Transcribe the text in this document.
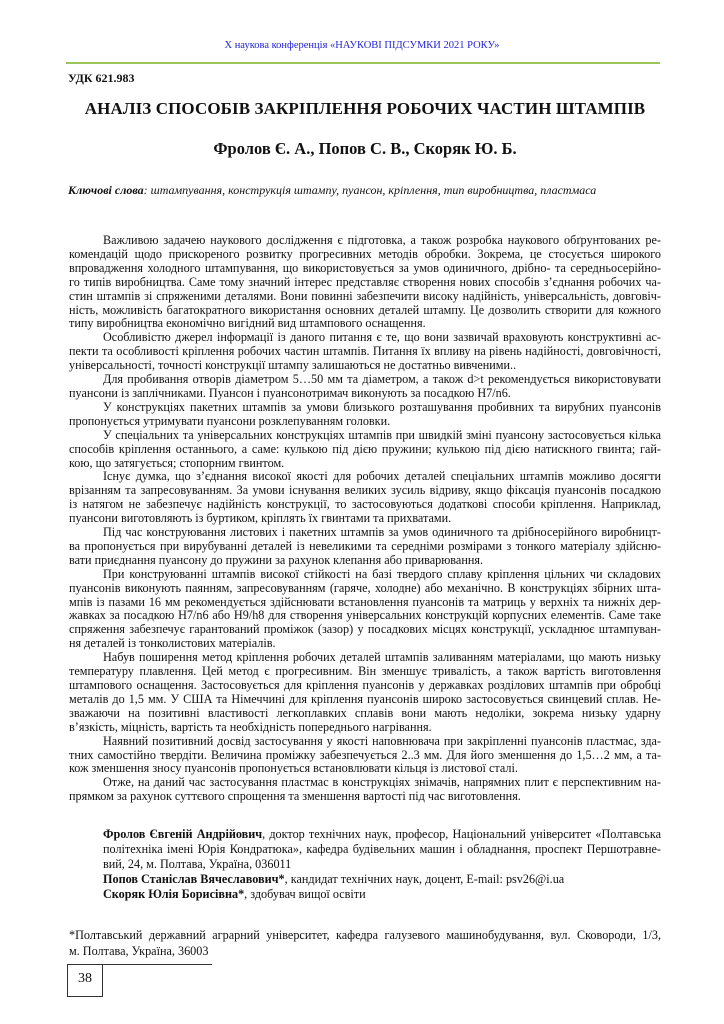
X наукова конференція «НАУКОВІ ПІДСУМКИ 2021 РОКУ»
УДК 621.983
АНАЛІЗ СПОСОБІВ ЗАКРІПЛЕННЯ РОБОЧИХ ЧАСТИН ШТАМПІВ
Фролов Є. А., Попов С. В., Скоряк Ю. Б.
Ключові слова: штампування, конструкція штампу, пуансон, кріплення, тип виробництва, пластмаса
Важливою задачею наукового дослідження є підготовка, а також розробка наукового обґрунтованих ре-
комендацій щодо прискореного розвитку прогресивних методів обробки. Зокрема, це стосується широкого
впровадження холодного штампування, що використовується за умов одиничного, дрібно- та середньосерійно-
го типів виробництва. Саме тому значний інтерес представляє створення нових способів з’єднання робочих ча-
стин штампів зі спряженими деталями. Вони повинні забезпечити високу надійність, універсальність, довговіч-
ність, можливість багатократного використання основних деталей штампу. Це дозволить створити для кожного
типу виробництва економічно вигідний вид штампового оснащення.
Особливістю джерел інформації із даного питання є те, що вони зазвичай враховують конструктивні ас-
пекти та особливості кріплення робочих частин штампів. Питання їх впливу на рівень надійності, довговічності,
універсальності, точності конструкції штампу залишаються не достатньо вивченими..
Для пробивання отворів діаметром 5…50 мм та діаметром, а також d>t рекомендується використовувати
пуансони із заплічниками. Пуансон і пуансонотримач виконують за посадкою H7/n6.
У конструкціях пакетних штампів за умови близького розташування пробивних та вирубних пуансонів
пропонується утримувати пуансони розклепуванням головки.
У спеціальних та універсальних конструкціях штампів при швидкій зміні пуансону застосовується кілька
способів кріплення останнього, а саме: кулькою під дією пружини; кулькою під дією натискного гвинта; гай-
кою, що затягується; стопорним гвинтом.
Існує думка, що з’єднання високої якості для робочих деталей спеціальних штампів можливо досягти
врізанням та запресовуванням. За умови існування великих зусиль відриву, якщо фіксація пуансонів посадкою
із натягом не забезпечує надійність конструкції, то застосовуються додаткові способи кріплення. Наприклад,
пуансони виготовляють із буртиком, кріплять їх гвинтами та прихватами.
Під час конструювання листових і пакетних штампів за умов одиничного та дрібносерійного виробницт-
ва пропонується при вирубуванні деталей із невеликими та середніми розмірами з тонкого матеріалу здійсню-
вати приєднання пуансону до пружини за рахунок клепання або приварювання.
При конструюванні штампів високої стійкості на базі твердого сплаву кріплення цільних чи складових
пуансонів виконують паянням, запресовуванням (гаряче, холодне) або механічно. В конструкціях збірних шта-
мпів із пазами 16 мм рекомендується здійснювати встановлення пуансонів та матриць у верхніх та нижніх дер-
жавках за посадкою H7/n6 або H9/h8 для створення універсальних конструкцій корпусних елементів. Саме таке
спряження забезпечує гарантований проміжок (зазор) у посадкових місцях конструкції, ускладнює штампуван-
ня деталей із тонколистових матеріалів.
Набув поширення метод кріплення робочих деталей штампів заливанням матеріалами, що мають низьку
температуру плавлення. Цей метод є прогресивним. Він зменшує тривалість, а також вартість виготовлення
штампового оснащення. Застосовується для кріплення пуансонів у державках розділових штампів при обробці
металів до 1,5 мм. У США та Німеччині для кріплення пуансонів широко застосовується свинцевий сплав. Не-
зважаючи на позитивні властивості легкоплавких сплавів вони мають недоліки, зокрема низьку ударну
в’язкість, міцність, вартість та необхідність попереднього нагрівання.
Наявний позитивний досвід застосування у якості наповнювача при закріпленні пуансонів пластмас, зда-
тних самостійно твердіти. Величина проміжку забезпечується 2..3 мм. Для його зменшення до 1,5…2 мм, а та-
кож зменшення зносу пуансонів пропонується встановлювати кільця із листової сталі.
Отже, на даний час застосування пластмас в конструкціях знімачів, напрямних плит є перспективним на-
прямком за рахунок суттєвого спрощення та зменшення вартості під час виготовлення.
Фролов Євгеній Андрійович, доктор технічних наук, професор, Національний університет «Полтавська
політехніка імені Юрія Кондратюка», кафедра будівельних машин і обладнання, проспект Першотравне-
вий, 24, м. Полтава, Україна, 036011
Попов Станіслав Вячеславович*, кандидат технічних наук, доцент, E-mail: psv26@i.ua
Скоряк Юлія Борисівна*, здобувач вищої освіти
*Полтавський державний аграрний університет, кафедра галузевого машинобудування, вул. Сковороди, 1/3,
м. Полтава, Україна, 36003
38
